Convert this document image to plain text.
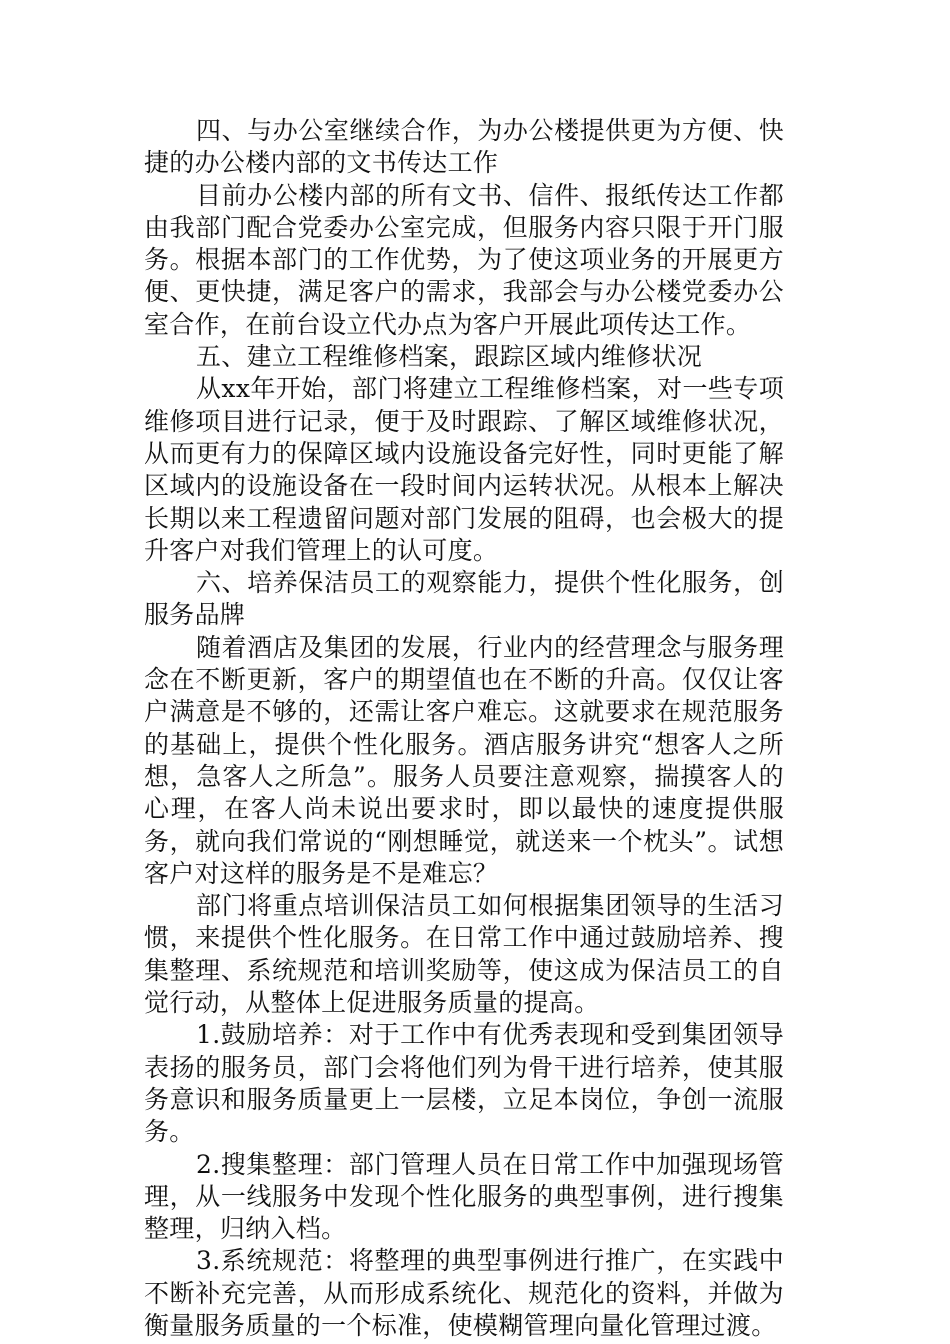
四、与办公室继续合作，为办公楼提供更为方便、快捷的办公楼内部的文书传达工作

目前办公楼内部的所有文书、信件、报纸传达工作都由我部门配合党委办公室完成，但服务内容只限于开门服务。根据本部门的工作优势，为了使这项业务的开展更方便、更快捷，满足客户的需求，我部会与办公楼党委办公室合作，在前台设立代办点为客户开展此项传达工作。

五、建立工程维修档案，跟踪区域内维修状况

从xx年开始，部门将建立工程维修档案，对一些专项维修项目进行记录，便于及时跟踪、了解区域维修状况，从而更有力的保障区域内设施设备完好性，同时更能了解区域内的设施设备在一段时间内运转状况。从根本上解决长期以来工程遗留问题对部门发展的阻碍，也会极大的提升客户对我们管理上的认可度。

六、培养保洁员工的观察能力，提供个性化服务，创服务品牌

随着酒店及集团的发展，行业内的经营理念与服务理念在不断更新，客户的期望值也在不断的升高。仅仅让客户满意是不够的，还需让客户难忘。这就要求在规范服务的基础上，提供个性化服务。酒店服务讲究“想客人之所想，急客人之所急”。服务人员要注意观察，揣摸客人的心理，在客人尚未说出要求时，即以最快的速度提供服务，就向我们常说的“刚想睡觉，就送来一个枕头”。试想客户对这样的服务是不是难忘？

部门将重点培训保洁员工如何根据集团领导的生活习惯，来提供个性化服务。在日常工作中通过鼓励培养、搜集整理、系统规范和培训奖励等，使这成为保洁员工的自觉行动，从整体上促进服务质量的提高。

1.鼓励培养：对于工作中有优秀表现和受到集团领导表扬的服务员，部门会将他们列为骨干进行培养，使其服务意识和服务质量更上一层楼，立足本岗位，争创一流服务。

2.搜集整理：部门管理人员在日常工作中加强现场管理，从一线服务中发现个性化服务的典型事例，进行搜集整理，归纳入档。

3.系统规范：将整理的典型事例进行推广，在实践中不断补充完善，从而形成系统化、规范化的资料，并做为衡量服务质量的一个标准，使模糊管理向量化管理过渡。
